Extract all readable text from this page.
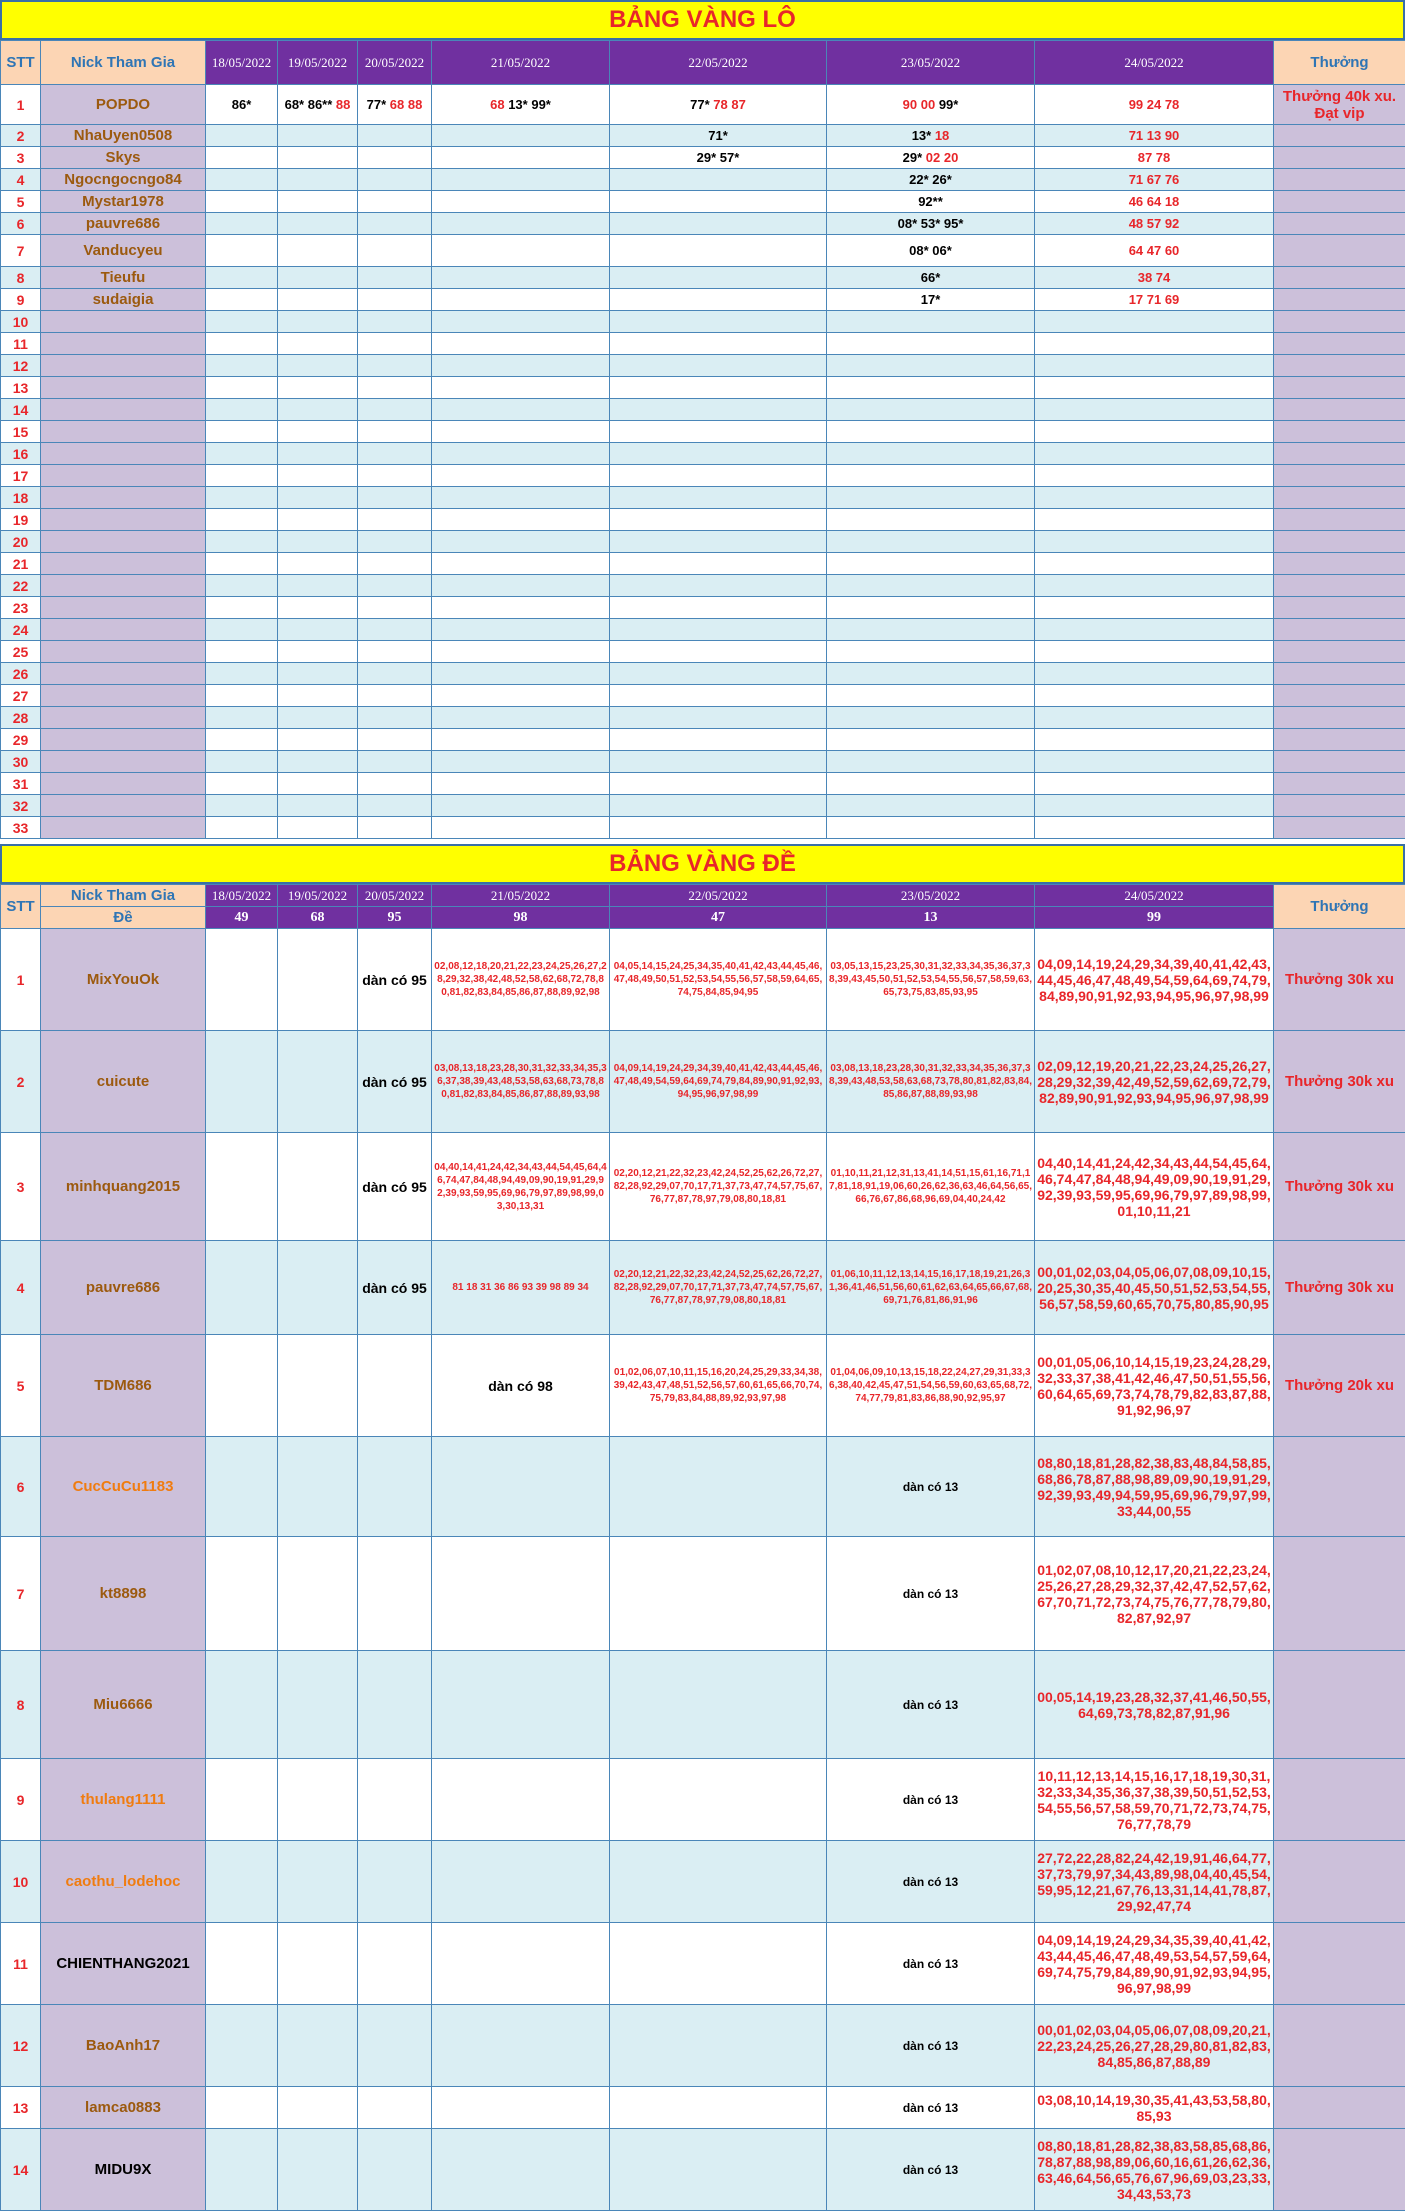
BẢNG VÀNG LÔ
STT	Nick Tham Gia	18/05/2022	19/05/2022	20/05/2022	21/05/2022	22/05/2022	23/05/2022	24/05/2022	Thưởng
1	POPDO	86*	68* 86** 88	77* 68 88	68 13* 99*	77* 78 87	90 00 99*	99 24 78	Thưởng 40k xu. Đạt vip
2	NhaUyen0508					71*	13* 18	71 13 90	
3	Skys					29* 57*	29* 02 20	87 78	
4	Ngocngocngo84						22* 26*	71 67 76	
5	Mystar1978						92**	46 64 18	
6	pauvre686						08* 53* 95*	48 57 92	
7	Vanducyeu						08* 06*	64 47 60	
8	Tieufu						66*	38 74	
9	sudaigia						17*	17 71 69	
10									
11									
12									
13									
14									
15									
16									
17									
18									
19									
20									
21									
22									
23									
24									
25									
26									
27									
28									
29									
30									
31									
32									
33									
BẢNG VÀNG ĐỀ
STT	Nick Tham Gia	18/05/2022	19/05/2022	20/05/2022	21/05/2022	22/05/2022	23/05/2022	24/05/2022	Thưởng
	Đề	49	68	95	98	47	13	99	
1	MixYouOk			dàn có 95	02,08,12,18,20,21,22,23,24,25,26,27,28,29,32,38,42,48,52,58,62,68,72,78,80,81,82,83,84,85,86,87,88,89,92,98	04,05,14,15,24,25,34,35,40,41,42,43,44,45,46,47,48,49,50,51,52,53,54,55,56,57,58,59,64,65,74,75,84,85,94,95	03,05,13,15,23,25,30,31,32,33,34,35,36,37,38,39,43,45,50,51,52,53,54,55,56,57,58,59,63,65,73,75,83,85,93,95	04,09,14,19,24,29,34,39,40,41,42,43,44,45,46,47,48,49,54,59,64,69,74,79,84,89,90,91,92,93,94,95,96,97,98,99	Thưởng 30k xu
2	cuicute			dàn có 95	03,08,13,18,23,28,30,31,32,33,34,35,36,37,38,39,43,48,53,58,63,68,73,78,80,81,82,83,84,85,86,87,88,89,93,98	04,09,14,19,24,29,34,39,40,41,42,43,44,45,46,47,48,49,54,59,64,69,74,79,84,89,90,91,92,93,94,95,96,97,98,99	03,08,13,18,23,28,30,31,32,33,34,35,36,37,38,39,43,48,53,58,63,68,73,78,80,81,82,83,84,85,86,87,88,89,93,98	02,09,12,19,20,21,22,23,24,25,26,27,28,29,32,39,42,49,52,59,62,69,72,79,82,89,90,91,92,93,94,95,96,97,98,99	Thưởng 30k xu
3	minhquang2015			dàn có 95	04,40,14,41,24,42,34,43,44,54,45,64,46,74,47,84,48,94,49,09,90,19,91,29,92,39,93,59,95,69,96,79,97,89,98,99,03,30,13,31	02,20,12,21,22,32,23,42,24,52,25,62,26,72,27,82,28,92,29,07,70,17,71,37,73,47,74,57,75,67,76,77,87,78,97,79,08,80,18,81	01,10,11,21,12,31,13,41,14,51,15,61,16,71,17,81,18,91,19,06,60,26,62,36,63,46,64,56,65,66,76,67,86,68,96,69,04,40,24,42	04,40,14,41,24,42,34,43,44,54,45,64,46,74,47,84,48,94,49,09,90,19,91,29,92,39,93,59,95,69,96,79,97,89,98,99,01,10,11,21	Thưởng 30k xu
4	pauvre686			dàn có 95	81 18 31 36 86 93 39 98 89 34	02,20,12,21,22,32,23,42,24,52,25,62,26,72,27,82,28,92,29,07,70,17,71,37,73,47,74,57,75,67,76,77,87,78,97,79,08,80,18,81	01,06,10,11,12,13,14,15,16,17,18,19,21,26,31,36,41,46,51,56,60,61,62,63,64,65,66,67,68,69,71,76,81,86,91,96	00,01,02,03,04,05,06,07,08,09,10,15,20,25,30,35,40,45,50,51,52,53,54,55,56,57,58,59,60,65,70,75,80,85,90,95	Thưởng 30k xu
5	TDM686				dàn có 98	01,02,06,07,10,11,15,16,20,24,25,29,33,34,38,39,42,43,47,48,51,52,56,57,60,61,65,66,70,74,75,79,83,84,88,89,92,93,97,98	01,04,06,09,10,13,15,18,22,24,27,29,31,33,36,38,40,42,45,47,51,54,56,59,60,63,65,68,72,74,77,79,81,83,86,88,90,92,95,97	00,01,05,06,10,14,15,19,23,24,28,29,32,33,37,38,41,42,46,47,50,51,55,56,60,64,65,69,73,74,78,79,82,83,87,88,91,92,96,97	Thưởng 20k xu
6	CucCuCu1183						dàn có 13	08,80,18,81,28,82,38,83,48,84,58,85,68,86,78,87,88,98,89,09,90,19,91,29,92,39,93,49,94,59,95,69,96,79,97,99,33,44,00,55	

7	kt8898						dàn có 13	01,02,07,08,10,12,17,20,21,22,23,24,25,26,27,28,29,32,37,42,47,52,57,62,67,70,71,72,73,74,75,76,77,78,79,80,82,87,92,97	

8	Miu6666						dàn có 13	00,05,14,19,23,28,32,37,41,46,50,55,64,69,73,78,82,87,91,96	

9	thulang1111						dàn có 13	10,11,12,13,14,15,16,17,18,19,30,31,32,33,34,35,36,37,38,39,50,51,52,53,54,55,56,57,58,59,70,71,72,73,74,75,76,77,78,79	

10	caothu_lodehoc						dàn có 13	27,72,22,28,82,24,42,19,91,46,64,77,37,73,79,97,34,43,89,98,04,40,45,54,59,95,12,21,67,76,13,31,14,41,78,87,29,92,47,74	

11	CHIENTHANG2021						dàn có 13	04,09,14,19,24,29,34,35,39,40,41,42,43,44,45,46,47,48,49,53,54,57,59,64,69,74,75,79,84,89,90,91,92,93,94,95,96,97,98,99	

12	BaoAnh17						dàn có 13	00,01,02,03,04,05,06,07,08,09,20,21,22,23,24,25,26,27,28,29,80,81,82,83,84,85,86,87,88,89	

13	lamca0883						dàn có 13	03,08,10,14,19,30,35,41,43,53,58,80,85,93	

14	MIDU9X						dàn có 13	08,80,18,81,28,82,38,83,58,85,68,86,78,87,88,98,89,06,60,16,61,26,62,36,63,46,64,56,65,76,67,96,69,03,23,33,34,43,53,73	
